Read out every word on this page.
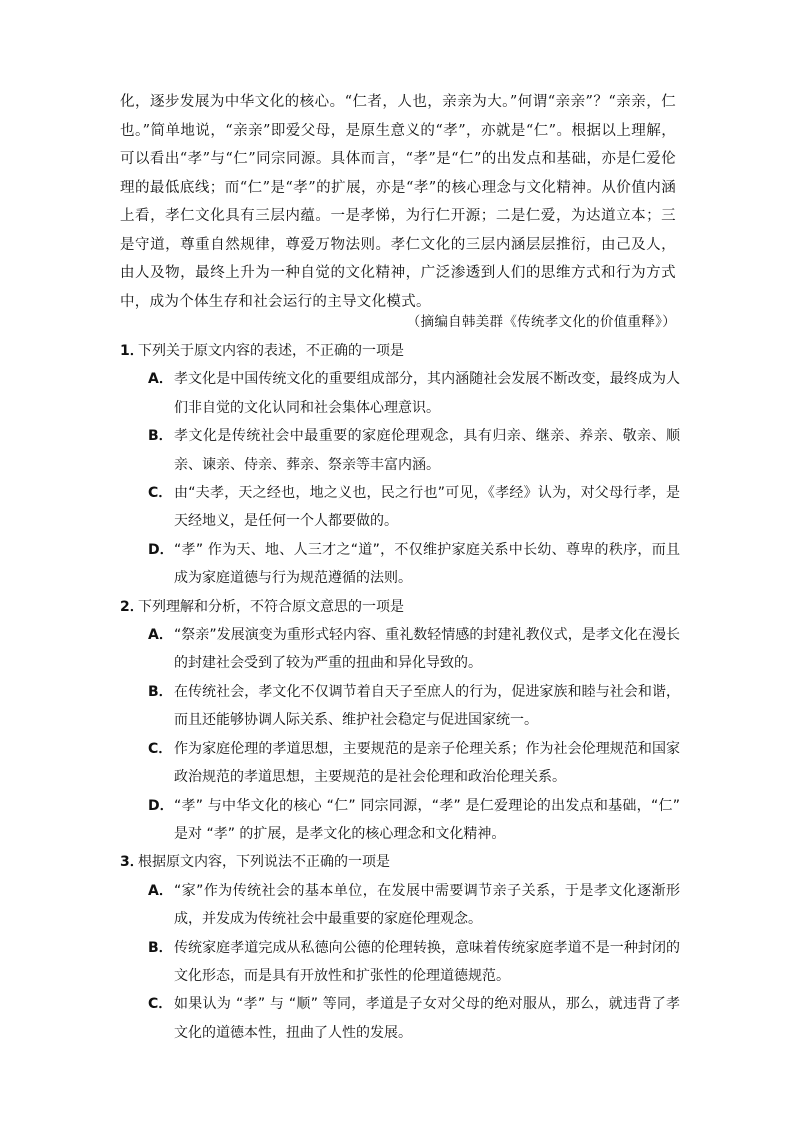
化，逐步发展为中华文化的核心。“仁者，人也，亲亲为大。”何谓“亲亲”？“亲亲，仁也。”简单地说，“亲亲”即爱父母，是原生意义的“孝”，亦就是“仁”。根据以上理解，可以看出“孝”与“仁”同宗同源。具体而言，“孝”是“仁”的出发点和基础，亦是仁爱伦理的最低底线；而“仁”是“孝”的扩展，亦是“孝”的核心理念与文化精神。从价值内涵上看，孝仁文化具有三层内蕴。一是孝悌，为行仁开源；二是仁爱，为达道立本；三是守道，尊重自然规律，尊爱万物法则。孝仁文化的三层内涵层层推衍，由己及人，由人及物，最终上升为一种自觉的文化精神，广泛渗透到人们的思维方式和行为方式中，成为个体生存和社会运行的主导文化模式。

（摘编自韩美群《传统孝文化的价值重释》）
1．
下列关于原文内容的表述，不正确的一项是
A． 孝文化是中国传统文化的重要组成部分，其内涵随社会发展不断改变，最终成为人们非自觉的文化认同和社会集体心理意识。
B． 孝文化是传统社会中最重要的家庭伦理观念，具有归亲、继亲、养亲、敬亲、顺亲、谏亲、侍亲、葬亲、祭亲等丰富内涵。
C． 由“夫孝，天之经也，地之义也，民之行也”可见，《孝经》认为，对父母行孝，是天经地义，是任何一个人都要做的。
D． “孝” 作为天、地、人三才之“道”，不仅维护家庭关系中长幼、尊卑的秩序，而且成为家庭道德与行为规范遵循的法则。
2．
下列理解和分析，不符合原文意思的一项是
A． “祭亲”发展演变为重形式轻内容、重礼数轻情感的封建礼教仪式，是孝文化在漫长的封建社会受到了较为严重的扭曲和异化导致的。
B． 在传统社会，孝文化不仅调节着自天子至庶人的行为，促进家族和睦与社会和谐，而且还能够协调人际关系、维护社会稳定与促进国家统一。
C． 作为家庭伦理的孝道思想，主要规范的是亲子伦理关系；作为社会伦理规范和国家政治规范的孝道思想，主要规范的是社会伦理和政治伦理关系。
D． “孝” 与中华文化的核心 “仁” 同宗同源，“孝” 是仁爱理论的出发点和基础，“仁” 是对 “孝” 的扩展，是孝文化的核心理念和文化精神。
3．
根据原文内容，下列说法不正确的一项是
A． “家”作为传统社会的基本单位，在发展中需要调节亲子关系，于是孝文化逐渐形成，并发成为传统社会中最重要的家庭伦理观念。
B． 传统家庭孝道完成从私德向公德的伦理转换，意味着传统家庭孝道不是一种封闭的文化形态，而是具有开放性和扩张性的伦理道德规范。
C． 如果认为 “孝” 与 “顺” 等同，孝道是子女对父母的绝对服从，那么，就违背了孝文化的道德本性，扭曲了人性的发展。
